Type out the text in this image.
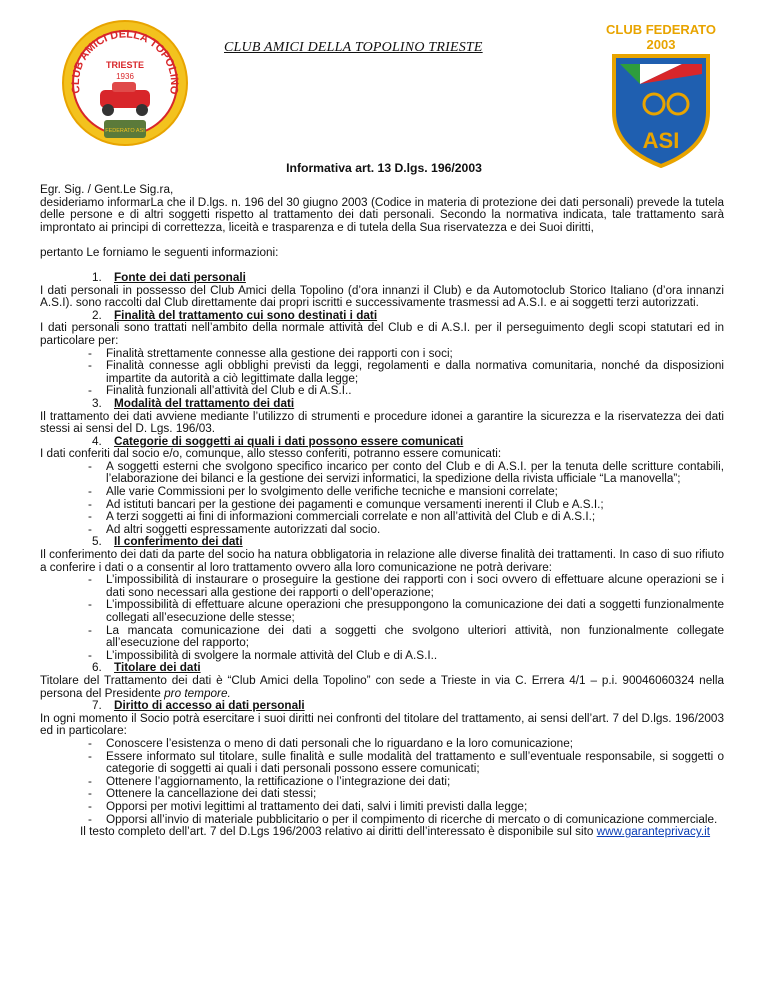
CLUB AMICI DELLA TOPOLINO
TRIESTE
1936
FEDERATO ASI
CLUB AMICI DELLA TOPOLINO TRIESTE
CLUB FEDERATO
2003
ASI
Informativa art. 13 D.lgs. 196/2003

Egr. Sig. / Gent.Le Sig.ra,

desideriamo informarLa che il D.lgs. n. 196 del 30 giugno 2003 (Codice in materia di protezione dei dati personali) prevede la tutela delle persone e di altri soggetti rispetto al trattamento dei dati personali. Secondo la normativa indicata, tale trattamento sarà improntato ai principi di correttezza, liceità e trasparenza e di tutela della Sua riservatezza e dei Suoi diritti,

pertanto Le forniamo le seguenti informazioni:

1. Fonte dei dati personali

I dati personali in possesso del Club Amici della Topolino (d’ora innanzi il Club) e da Automotoclub Storico Italiano (d’ora innanzi A.S.I). sono raccolti dal Club direttamente dai propri iscritti e successivamente trasmessi ad A.S.I. e ai soggetti terzi autorizzati.

2. Finalità del trattamento cui sono destinati i dati

I dati personali sono trattati nell’ambito della normale attività del Club e di A.S.I. per il perseguimento degli scopi statutari ed in particolare per:

- Finalità strettamente connesse alla gestione dei rapporti con i soci;

- Finalità connesse agli obblighi previsti da leggi, regolamenti e dalla normativa comunitaria, nonché da disposizioni impartite da autorità a ciò legittimate dalla legge;

- Finalità funzionali all’attività del Club e di A.S.I..

3. Modalità del trattamento dei dati

Il trattamento dei dati avviene mediante l’utilizzo di strumenti e procedure idonei a garantire la sicurezza e la riservatezza dei dati stessi ai sensi del D. Lgs. 196/03.

4. Categorie di soggetti ai quali i dati possono essere comunicati

I dati conferiti dal socio e/o, comunque, allo stesso conferiti, potranno essere comunicati:

- A soggetti esterni che svolgono specifico incarico per conto del Club e di A.S.I. per la tenuta delle scritture contabili, l’elaborazione dei bilanci e la gestione dei servizi informatici, la spedizione della rivista ufficiale “La manovella”;

- Alle varie Commissioni per lo svolgimento delle verifiche tecniche e mansioni correlate;

- Ad istituti bancari per la gestione dei pagamenti e comunque versamenti inerenti il Club e A.S.I.;

- A terzi soggetti ai fini di informazioni commerciali correlate e non all’attività del Club e di A.S.I.;

- Ad altri soggetti espressamente autorizzati dal socio.

5. Il conferimento dei dati

Il conferimento dei dati da parte del socio ha natura obbligatoria in relazione alle diverse finalità dei trattamenti. In caso di suo rifiuto a conferire i dati o a consentir al loro trattamento ovvero alla loro comunicazione ne potrà derivare:

- L’impossibilità di instaurare o proseguire la gestione dei rapporti con i soci ovvero di effettuare alcune operazioni se i dati sono necessari alla gestione dei rapporti o dell’operazione;

- L’impossibilità di effettuare alcune operazioni che presuppongono la comunicazione dei dati a soggetti funzionalmente collegati all’esecuzione delle stesse;

- La mancata comunicazione dei dati a soggetti che svolgono ulteriori attività, non funzionalmente collegate all’esecuzione del rapporto;

- L’impossibilità di svolgere la normale attività del Club e di A.S.I..

6. Titolare dei dati

Titolare del Trattamento dei dati è “Club Amici della Topolino” con sede a Trieste in via C. Errera 4/1 – p.i. 90046060324 nella persona del Presidente pro tempore.

7. Diritto di accesso ai dati personali

In ogni momento il Socio potrà esercitare i suoi diritti nei confronti del titolare del trattamento, ai sensi dell’art. 7 del D.lgs. 196/2003 ed in particolare:

- Conoscere l’esistenza o meno di dati personali che lo riguardano e la loro comunicazione;

- Essere informato sul titolare, sulle finalità e sulle modalità del trattamento e sull’eventuale responsabile, si soggetti o categorie di soggetti ai quali i dati personali possono essere comunicati;

- Ottenere l’aggiornamento, la rettificazione o l’integrazione dei dati;

- Ottenere la cancellazione dei dati stessi;

- Opporsi per motivi legittimi al trattamento dei dati, salvi i limiti previsti dalla legge;

- Opporsi all’invio di materiale pubblicitario o per il compimento di ricerche di mercato o di comunicazione commerciale.

Il testo completo dell’art. 7 del D.Lgs 196/2003 relativo ai diritti dell’interessato è disponibile sul sito www.garanteprivacy.it
